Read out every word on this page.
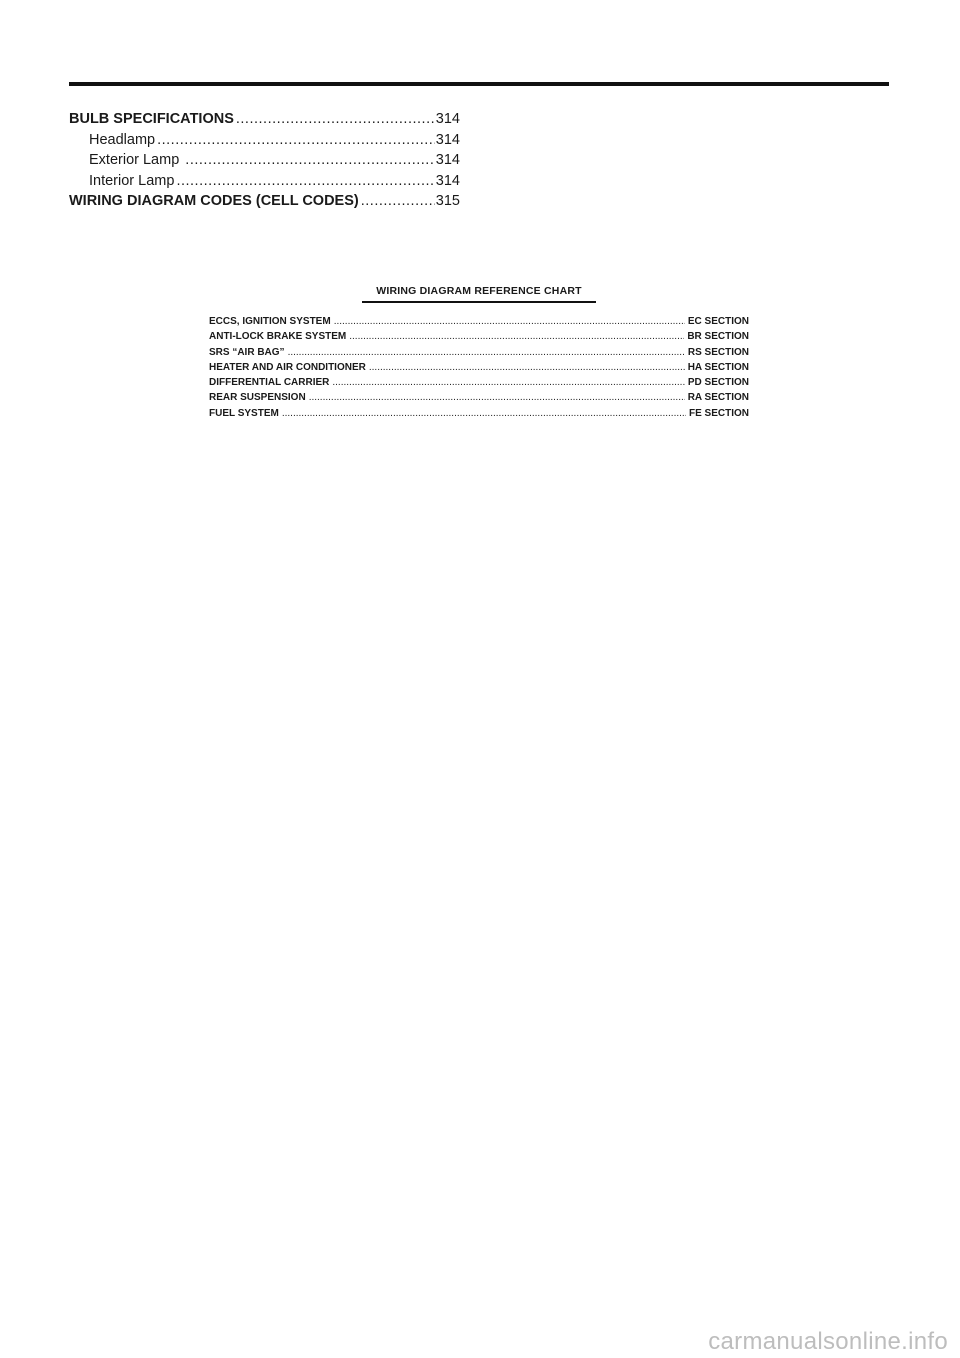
BULB SPECIFICATIONS .....	314
Headlamp .....	314
Exterior Lamp .....	314
Interior Lamp .....	314
WIRING DIAGRAM CODES (CELL CODES) .....	315
WIRING DIAGRAM REFERENCE CHART
ECCS, IGNITION SYSTEM .....	EC SECTION
ANTI-LOCK BRAKE SYSTEM .....	BR SECTION
SRS “AIR BAG” .....	RS SECTION
HEATER AND AIR CONDITIONER .....	HA SECTION
DIFFERENTIAL CARRIER .....	PD SECTION
REAR SUSPENSION .....	RA SECTION
FUEL SYSTEM .....	FE SECTION
carmanualsonline.info
